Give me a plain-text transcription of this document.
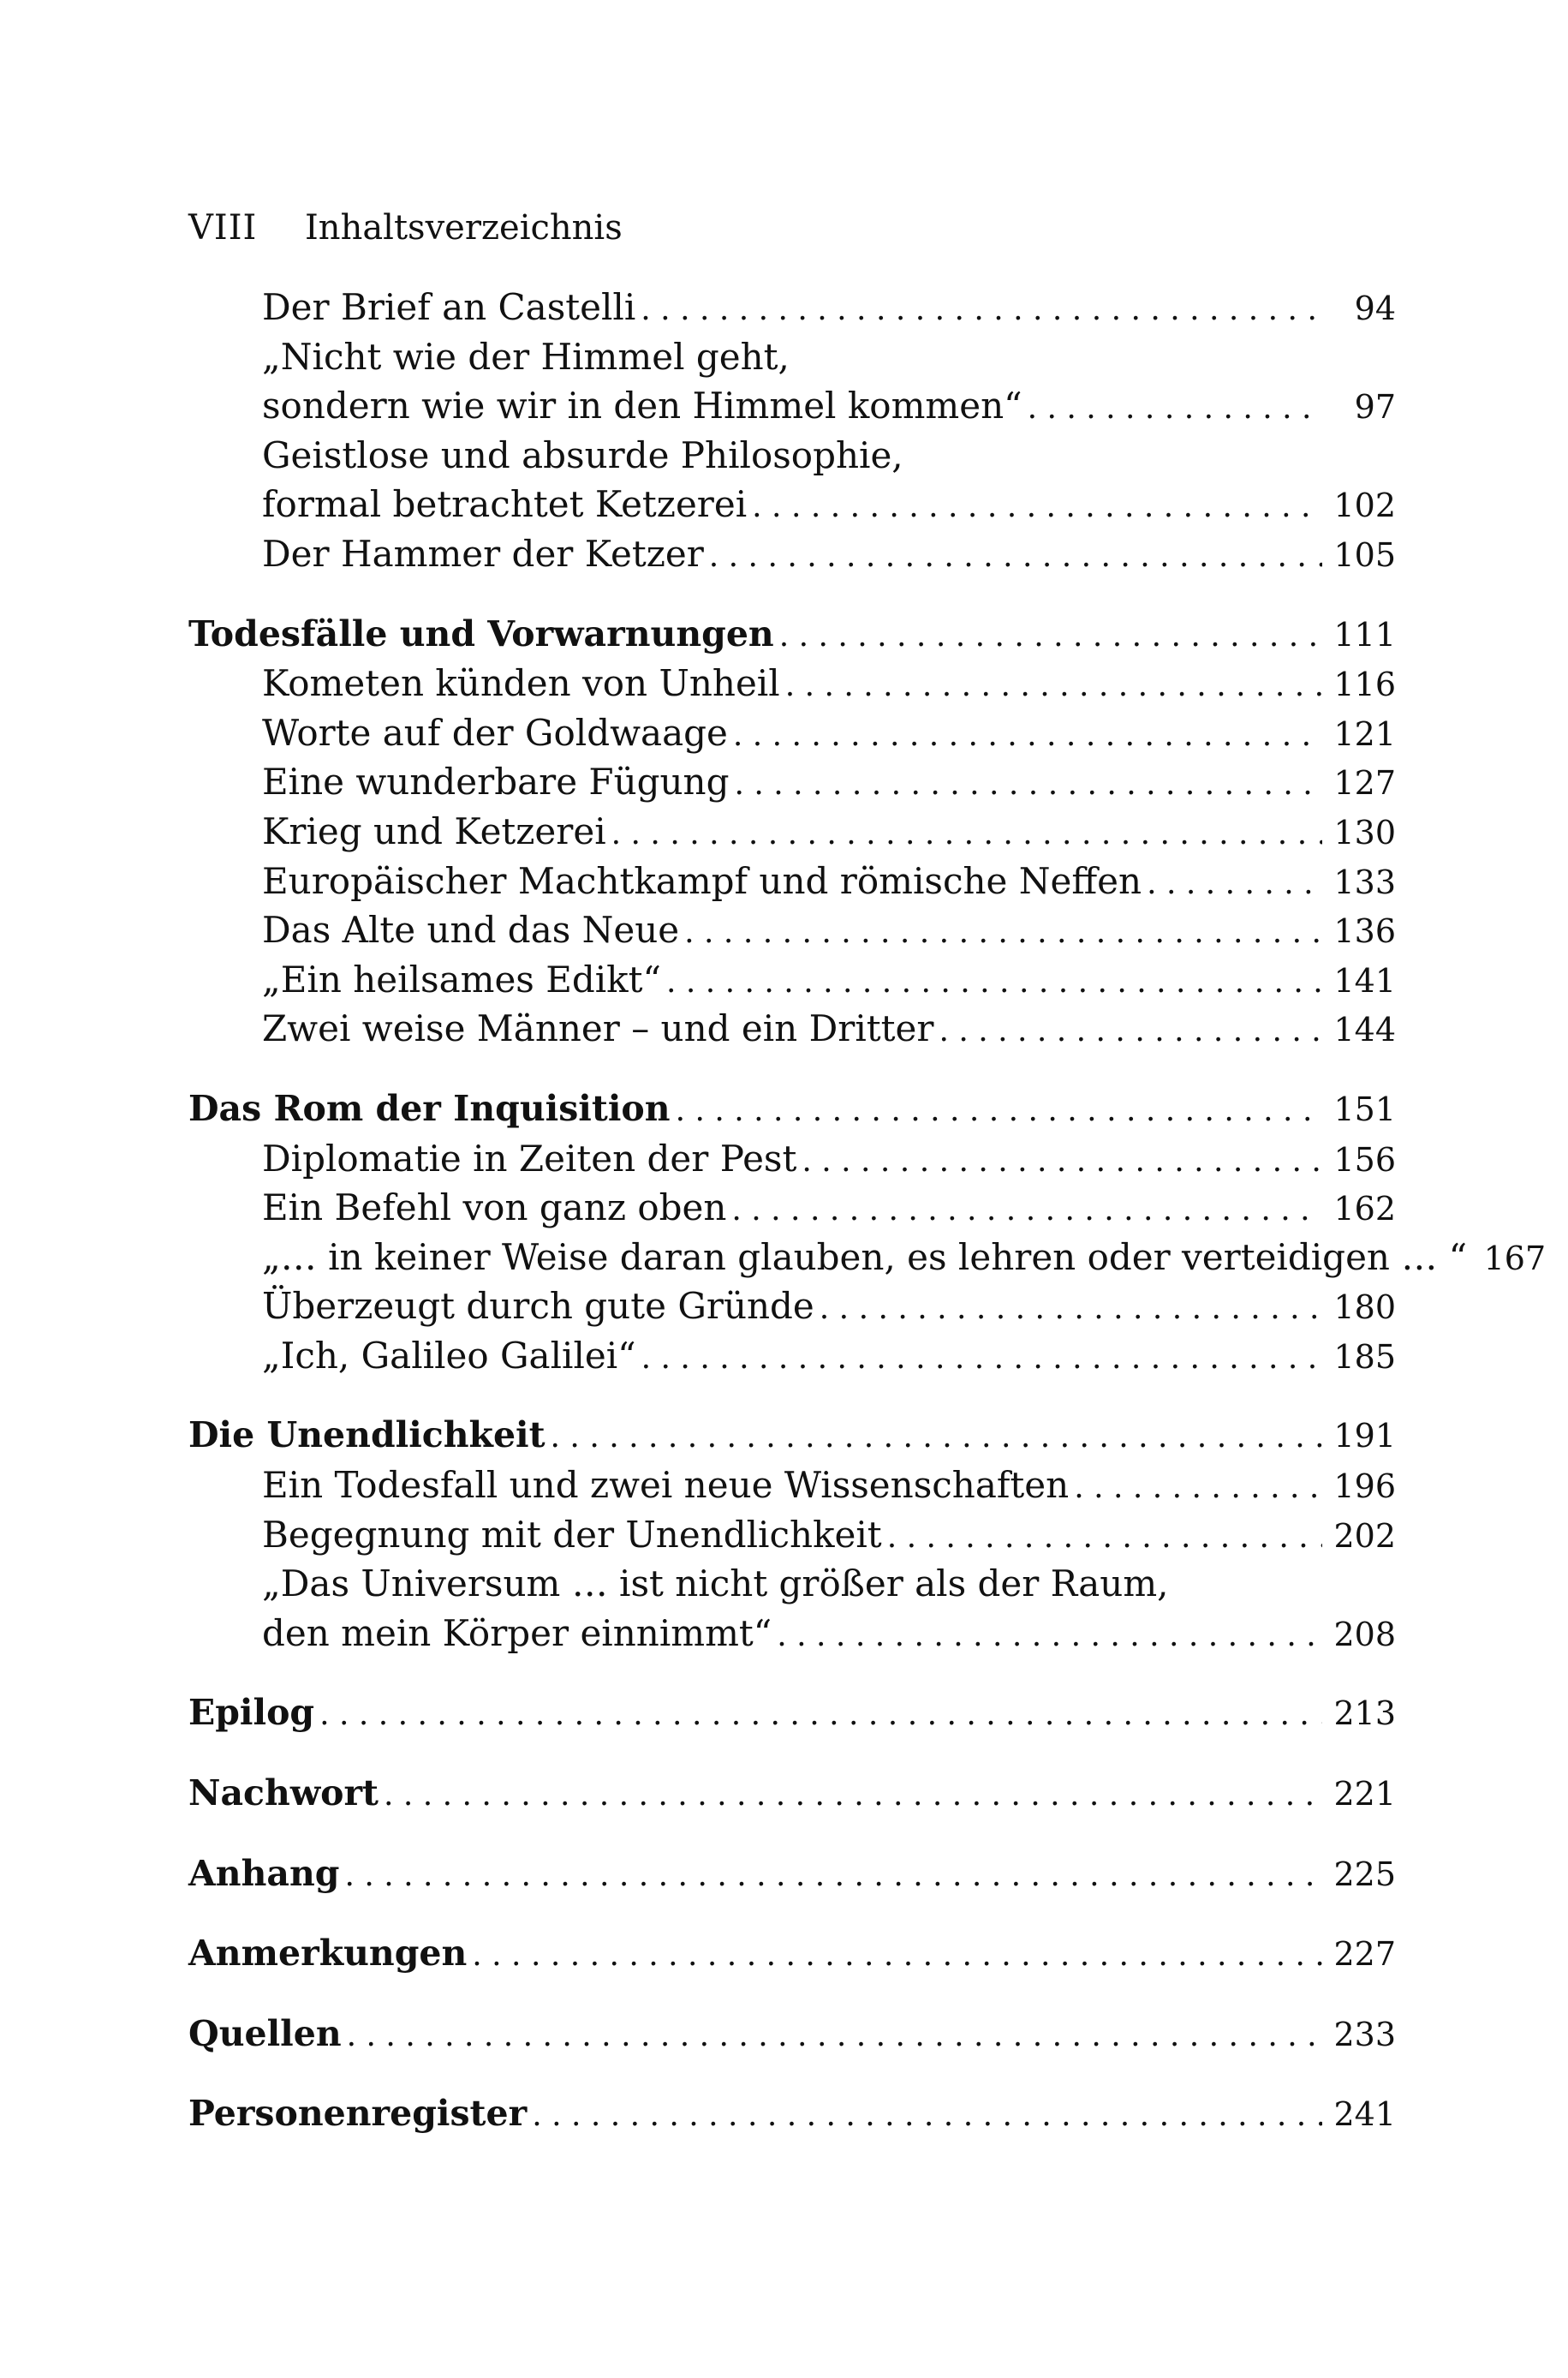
VIII Inhaltsverzeichnis
Der Brief an Castelli . . .	94
„Nicht wie der Himmel geht,
sondern wie wir in den Himmel kommen“ . . .	97
Geistlose und absurde Philosophie,
formal betrachtet Ketzerei . . .	102
Der Hammer der Ketzer . . .	105
Todesfälle und Vorwarnungen . . .	111
Kometen künden von Unheil . . .	116
Worte auf der Goldwaage . . .	121
Eine wunderbare Fügung . . .	127
Krieg und Ketzerei . . .	130
Europäischer Machtkampf und römische Neffen . . .	133
Das Alte und das Neue . . .	136
„Ein heilsames Edikt“ . . .	141
Zwei weise Männer – und ein Dritter . . .	144
Das Rom der Inquisition . . .	151
Diplomatie in Zeiten der Pest . . .	156
Ein Befehl von ganz oben . . .	162
„… in keiner Weise daran glauben, es lehren oder verteidigen … “ 167
Überzeugt durch gute Gründe . . .	180
„Ich, Galileo Galilei“ . . .	185
Die Unendlichkeit . . .	191
Ein Todesfall und zwei neue Wissenschaften . . .	196
Begegnung mit der Unendlichkeit . . .	202
„Das Universum … ist nicht größer als der Raum,
den mein Körper einnimmt“ . . .	208
Epilog . . .	213
Nachwort . . .	221
Anhang . . .	225
Anmerkungen . . .	227
Quellen . . .	233
Personenregister . . .	241
